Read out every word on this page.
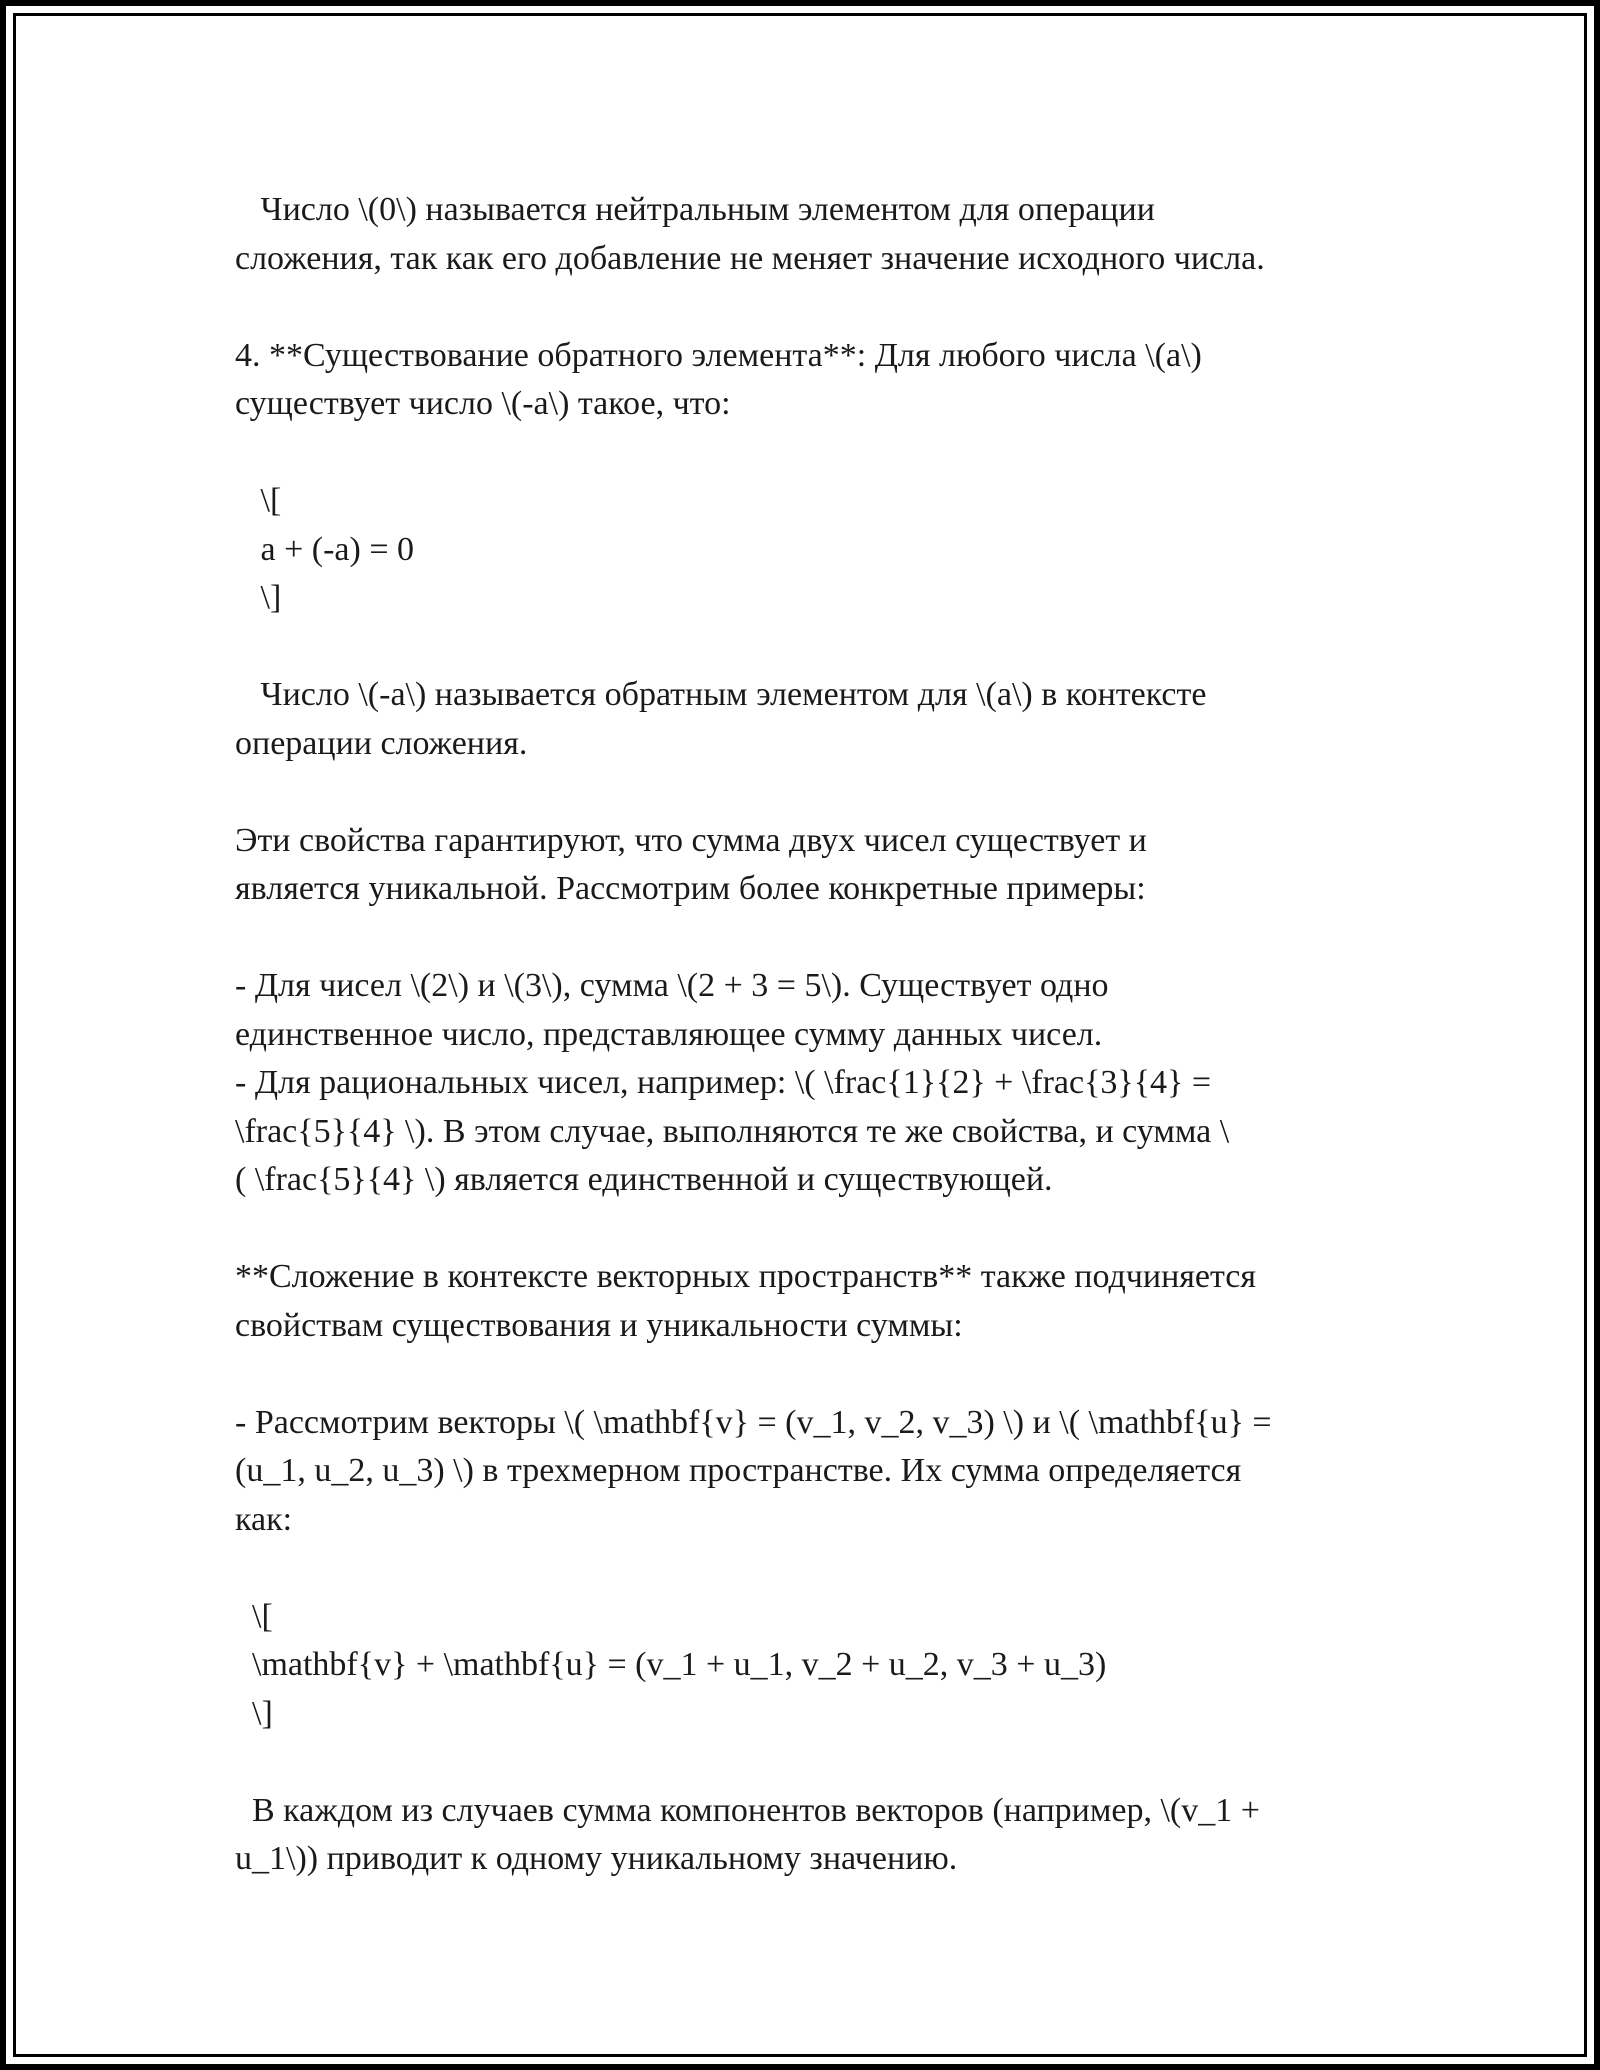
Число \(0\) называется нейтральным элементом для операции
сложения, так как его добавление не меняет значение исходного числа.
4. **Существование обратного элемента**: Для любого числа \(a\)
существует число \(-a\) такое, что:
\[
a + (-a) = 0
\]
Число \(-a\) называется обратным элементом для \(a\) в контексте
операции сложения.
Эти свойства гарантируют, что сумма двух чисел существует и
является уникальной. Рассмотрим более конкретные примеры:
- Для чисел \(2\) и \(3\), сумма \(2 + 3 = 5\). Существует одно
единственное число, представляющее сумму данных чисел.
- Для рациональных чисел, например: \( \frac{1}{2} + \frac{3}{4} =
\frac{5}{4} \). В этом случае, выполняются те же свойства, и сумма \
( \frac{5}{4} \) является единственной и существующей.
**Сложение в контексте векторных пространств** также подчиняется
свойствам существования и уникальности суммы:
- Рассмотрим векторы \( \mathbf{v} = (v_1, v_2, v_3) \) и \( \mathbf{u} =
(u_1, u_2, u_3) \) в трехмерном пространстве. Их сумма определяется
как:
\[
\mathbf{v} + \mathbf{u} = (v_1 + u_1, v_2 + u_2, v_3 + u_3)
\]
В каждом из случаев сумма компонентов векторов (например, \(v_1 +
u_1\)) приводит к одному уникальному значению.
